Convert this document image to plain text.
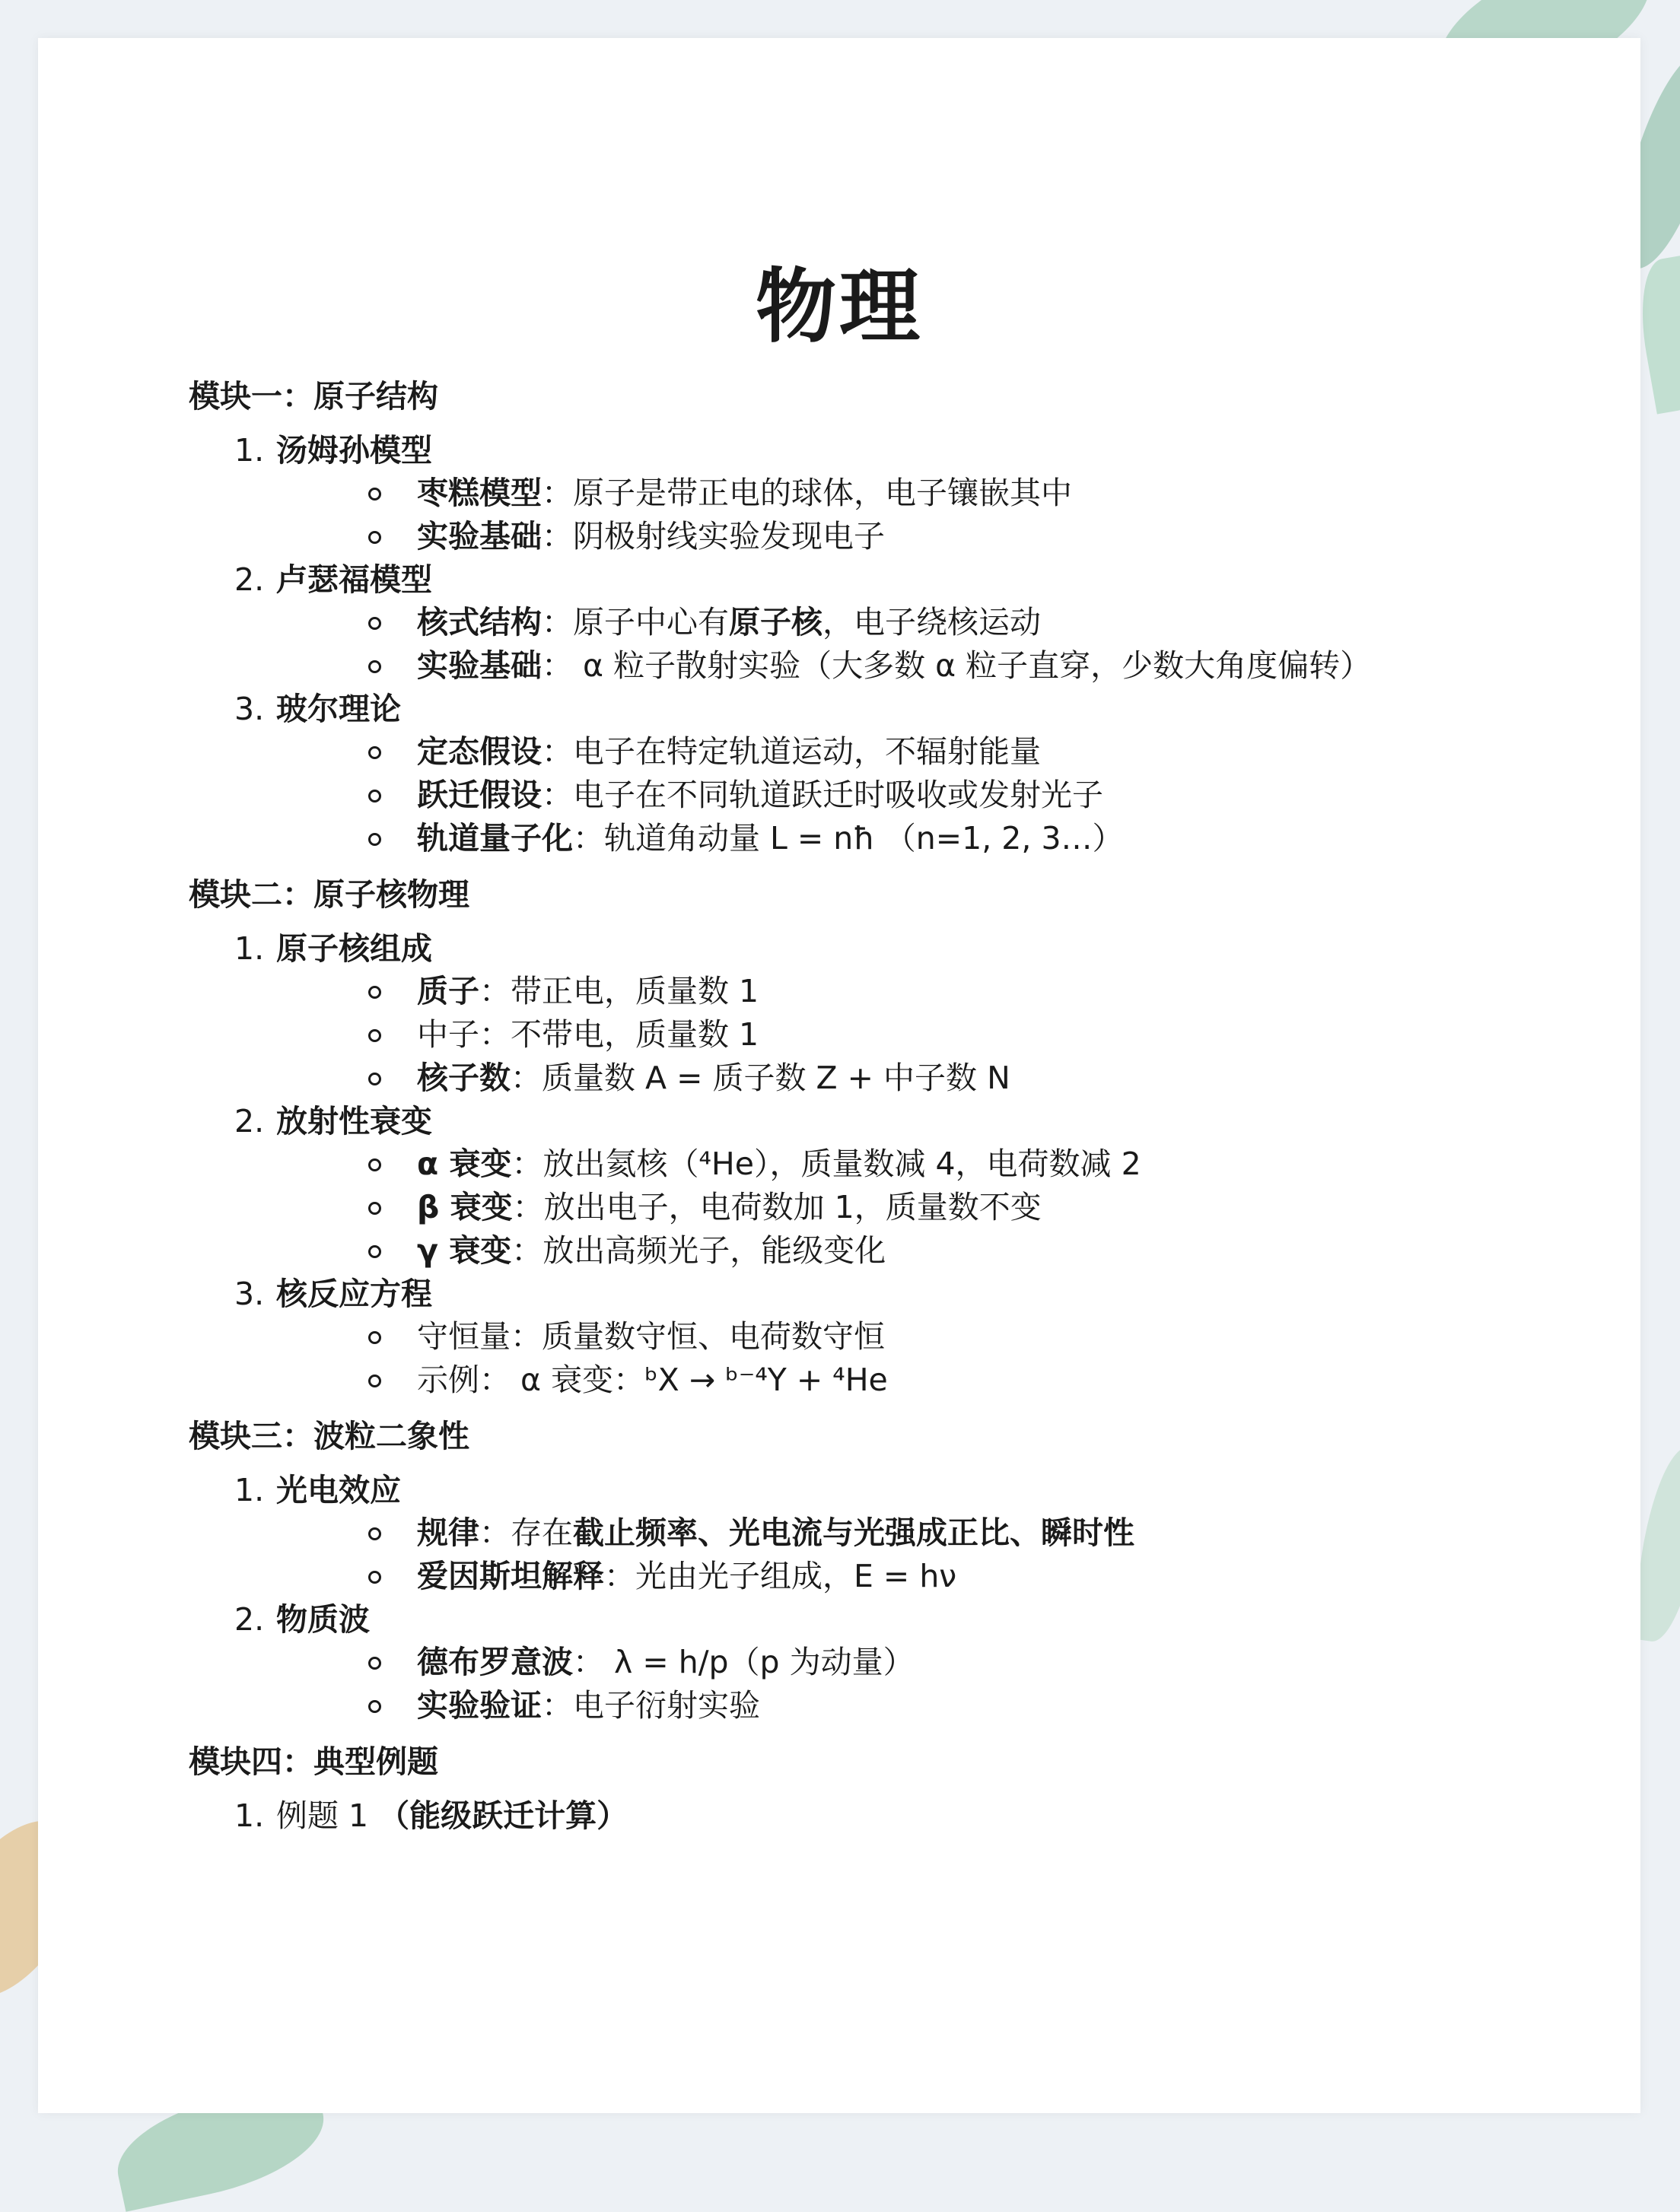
物理
模块一：原子结构
1. 汤姆孙模型
枣糕模型：原子是带正电的球体，电子镶嵌其中
实验基础：阴极射线实验发现电子
2. 卢瑟福模型
核式结构：原子中心有原子核，电子绕核运动
实验基础： α 粒子散射实验（大多数 α 粒子直穿，少数大角度偏转）
3. 玻尔理论
定态假设：电子在特定轨道运动，不辐射能量
跃迁假设：电子在不同轨道跃迁时吸收或发射光子
轨道量子化：轨道角动量 L = nħ （n=1, 2, 3…）
模块二：原子核物理
1. 原子核组成
质子：带正电，质量数 1
中子：不带电，质量数 1
核子数：质量数 A = 质子数 Z + 中子数 N
2. 放射性衰变
α 衰变：放出氦核（⁴He），质量数减 4，电荷数减 2
β 衰变：放出电子，电荷数加 1，质量数不变
γ 衰变：放出高频光子，能级变化
3. 核反应方程
守恒量：质量数守恒、电荷数守恒
示例： α 衰变：ᵇX → ᵇ⁻⁴Y + ⁴He
模块三：波粒二象性
1. 光电效应
规律：存在截止频率、光电流与光强成正比、瞬时性
爱因斯坦解释：光由光子组成，E = hν
2. 物质波
德布罗意波： λ = h/p（p 为动量）
实验验证：电子衍射实验
模块四：典型例题
1. 例题 1 （能级跃迁计算）
